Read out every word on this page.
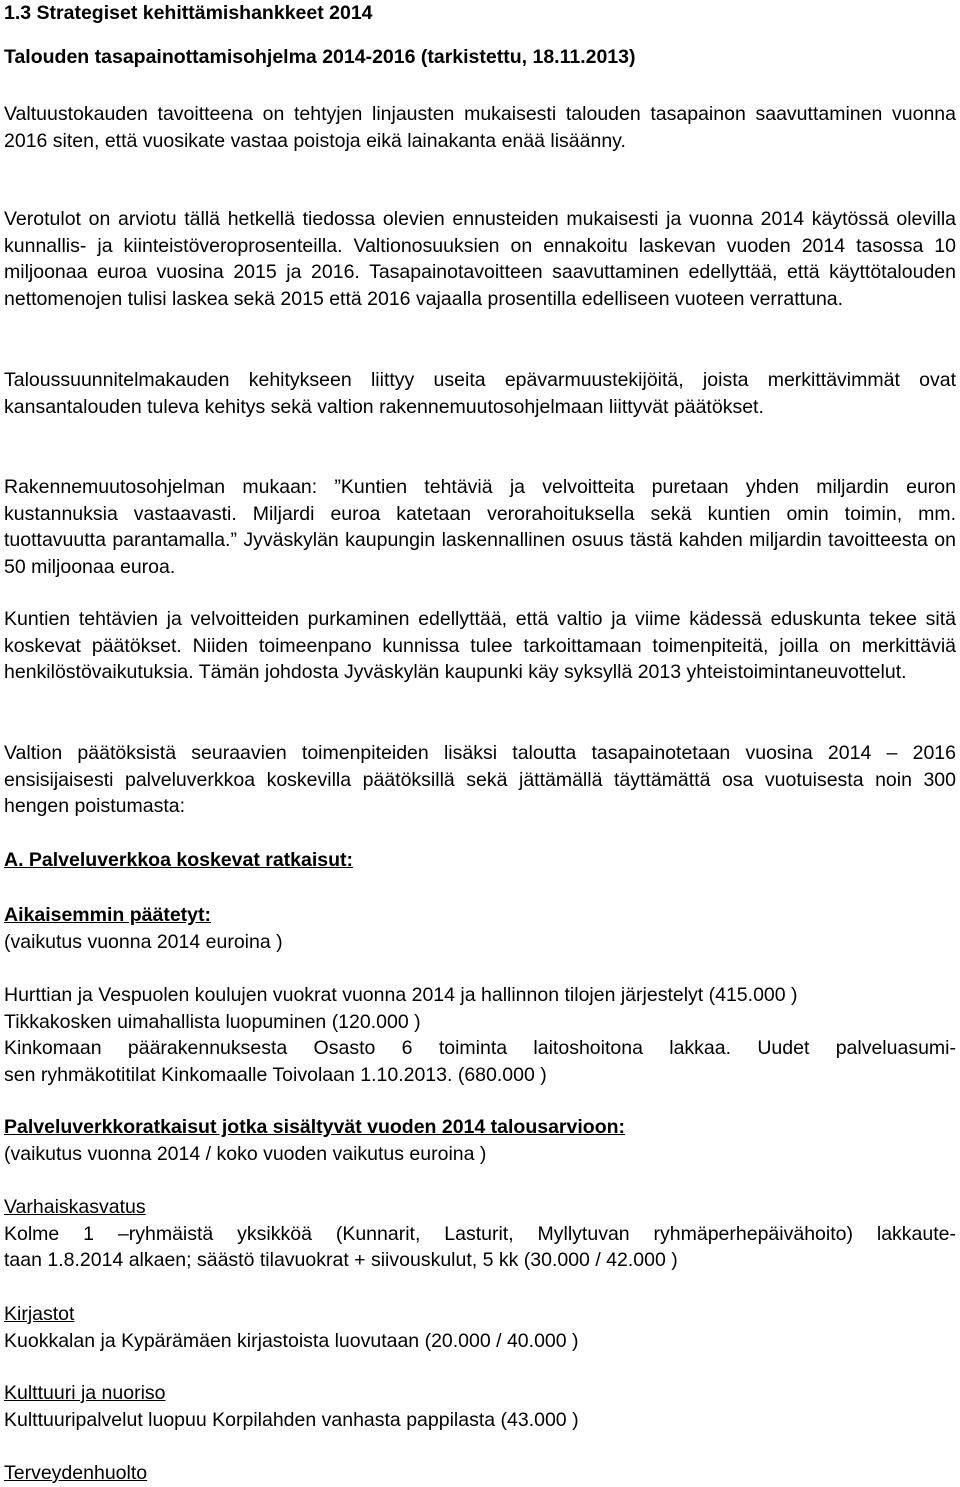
1.3 Strategiset kehittämishankkeet 2014

Talouden tasapainottamisohjelma 2014-2016 (tarkistettu, 18.11.2013)

Valtuustokauden tavoitteena on tehtyjen linjausten mukaisesti talouden tasapainon saavuttaminen vuonna 2016 siten, että vuosikate vastaa poistoja eikä lainakanta enää lisäänny.

Verotulot on arviotu tällä hetkellä tiedossa olevien ennusteiden mukaisesti ja vuonna 2014 käytössä olevilla kunnallis- ja kiinteistöveroprosenteilla. Valtionosuuksien on ennakoitu laskevan vuoden 2014 tasossa 10 miljoonaa euroa vuosina 2015 ja 2016. Tasapainotavoitteen saavuttaminen edellyttää, että käyttötalouden nettomenojen tulisi laskea sekä 2015 että 2016 vajaalla prosentilla edelliseen vuoteen verrattuna.

Taloussuunnitelmakauden kehitykseen liittyy useita epävarmuustekijöitä, joista merkittävimmät ovat kansantalouden tuleva kehitys sekä valtion rakennemuutosohjelmaan liittyvät päätökset.

Rakennemuutosohjelman mukaan: ”Kuntien tehtäviä ja velvoitteita puretaan yhden miljardin euron kustannuksia vastaavasti. Miljardi euroa katetaan verorahoituksella sekä kuntien omin toimin, mm. tuottavuutta parantamalla.” Jyväskylän kaupungin laskennallinen osuus tästä kahden miljardin tavoitteesta on 50 miljoonaa euroa.

Kuntien tehtävien ja velvoitteiden purkaminen edellyttää, että valtio ja viime kädessä eduskunta tekee sitä koskevat päätökset. Niiden toimeenpano kunnissa tulee tarkoittamaan toimenpiteitä, joilla on merkittäviä henkilöstövaikutuksia. Tämän johdosta Jyväskylän kaupunki käy syksyllä 2013 yhteistoimintaneuvottelut.

Valtion päätöksistä seuraavien toimenpiteiden lisäksi taloutta tasapainotetaan vuosina 2014 – 2016 ensisijaisesti palveluverkkoa koskevilla päätöksillä sekä jättämällä täyttämättä osa vuotuisesta noin 300 hengen poistumasta:

A. Palveluverkkoa koskevat ratkaisut:

Aikaisemmin päätetyt:
(vaikutus vuonna 2014 euroina )
Hurttian ja Vespuolen koulujen vuokrat vuonna 2014 ja hallinnon tilojen järjestelyt (415.000 )
Tikkakosken uimahallista luopuminen (120.000 )
Kinkomaan päärakennuksesta Osasto 6 toiminta laitoshoitona lakkaa. Uudet palveluasumi-
sen ryhmäkotitilat Kinkomaalle Toivolaan 1.10.2013. (680.000 )
Palveluverkkoratkaisut jotka sisältyvät vuoden 2014 talousarvioon:
(vaikutus vuonna 2014 / koko vuoden vaikutus euroina )
Varhaiskasvatus
Kolme 1 –ryhmäistä yksikköä (Kunnarit, Lasturit, Myllytuvan ryhmäperhepäivähoito) lakkaute-
taan 1.8.2014 alkaen; säästö tilavuokrat + siivouskulut, 5 kk (30.000 / 42.000 )
Kirjastot
Kuokkalan ja Kypärämäen kirjastoista luovutaan (20.000 / 40.000 )
Kulttuuri ja nuoriso
Kulttuuripalvelut luopuu Korpilahden vanhasta pappilasta (43.000 )
Terveydenhuolto
